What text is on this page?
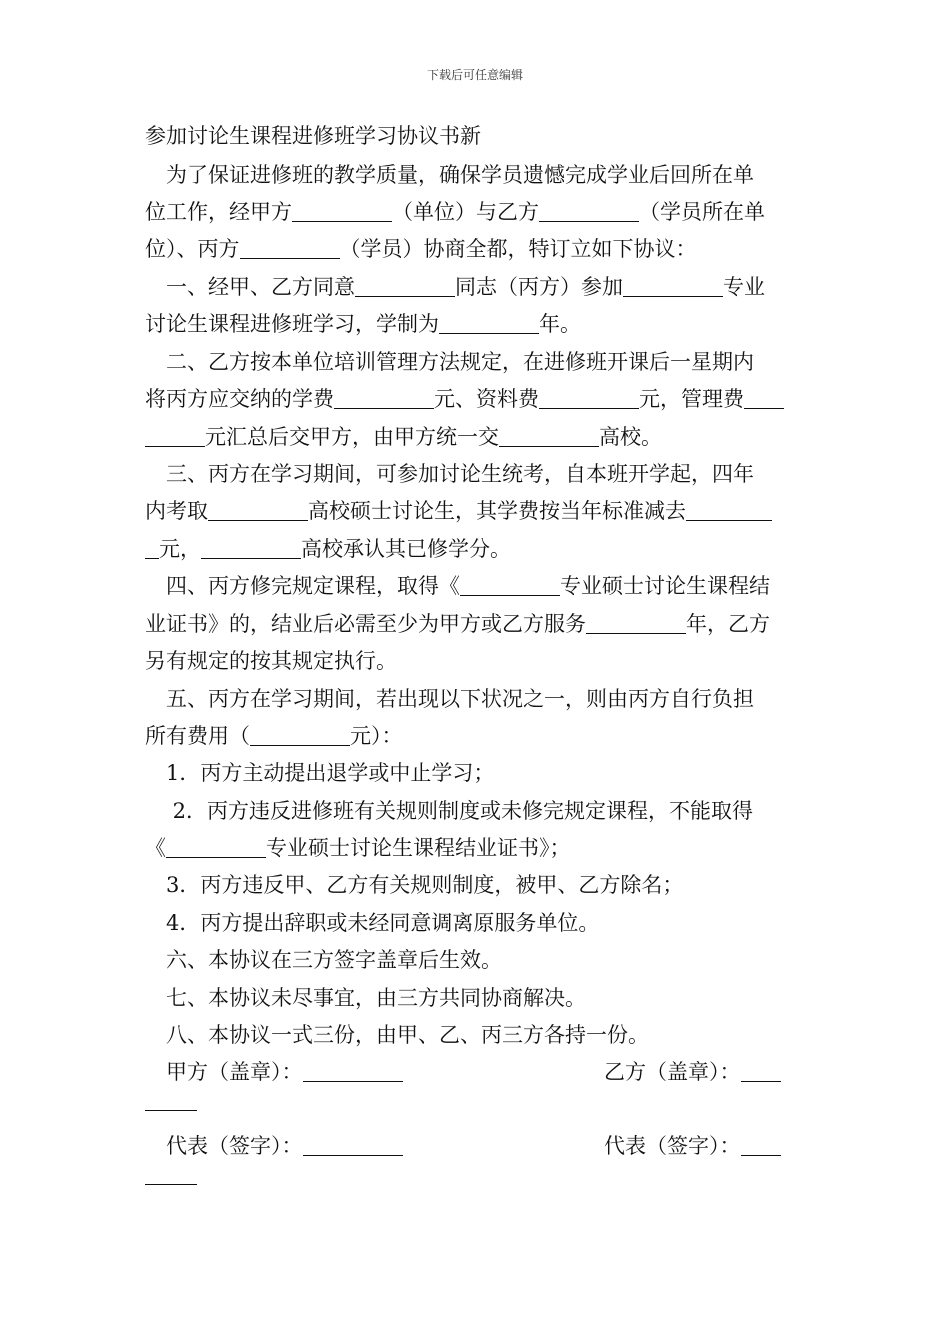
下载后可任意编辑
参加讨论生课程进修班学习协议书新
　为了保证进修班的教学质量，确保学员遗憾完成学业后回所在单
位工作，经甲方	（单位）与乙方	（学员所在单
位）、丙方	（学员）协商全都，特订立如下协议：
　一、经甲、乙方同意	同志（丙方）参加	专业
讨论生课程进修班学习，学制为	年。
　二、乙方按本单位培训管理方法规定，在进修班开课后一星期内
将丙方应交纳的学费	元、资料费	元，管理费
元汇总后交甲方，由甲方统一交	高校。
　三、丙方在学习期间，可参加讨论生统考，自本班开学起，四年
内考取	高校硕士讨论生，其学费按当年标准减去
元，	高校承认其已修学分。
　四、丙方修完规定课程，取得《	专业硕士讨论生课程结
业证书》的，结业后必需至少为甲方或乙方服务	年，乙方
另有规定的按其规定执行。
　五、丙方在学习期间，若出现以下状况之一，则由丙方自行负担
所有费用（	元）：
　1．丙方主动提出退学或中止学习；
　 2．丙方违反进修班有关规则制度或未修完规定课程，不能取得
《	专业硕士讨论生课程结业证书》；
　3．丙方违反甲、乙方有关规则制度，被甲、乙方除名；
　4．丙方提出辞职或未经同意调离原服务单位。
　六、本协议在三方签字盖章后生效。
　七、本协议未尽事宜，由三方共同协商解决。
　八、本协议一式三份，由甲、乙、丙三方各持一份。
甲方（盖章）：	乙方（盖章）：
代表（签字）：	代表（签字）：
